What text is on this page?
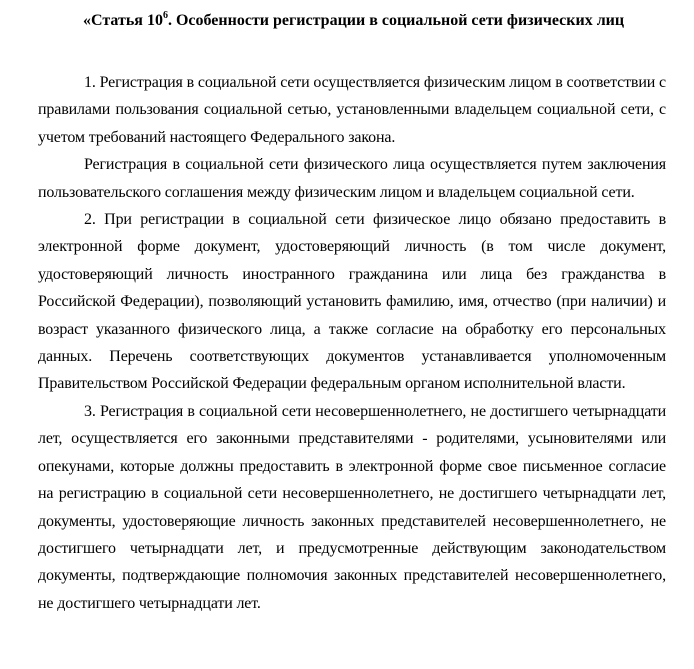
«Статья $10^6$. Особенности регистрации в социальной сети физических лиц

1. Регистрация в социальной сети осуществляется физическим лицом в соответствии с правилами пользования социальной сетью, установленными владельцем социальной сети, с учетом требований настоящего Федерального закона.

Регистрация в социальной сети физического лица осуществляется путем заключения пользовательского соглашения между физическим лицом и владельцем социальной сети.

2. При регистрации в социальной сети физическое лицо обязано предоставить в электронной форме документ, удостоверяющий личность (в том числе документ, удостоверяющий личность иностранного гражданина или лица без гражданства в Российской Федерации), позволяющий установить фамилию, имя, отчество (при наличии) и возраст указанного физического лица, а также согласие на обработку его персональных данных. Перечень соответствующих документов устанавливается уполномоченным Правительством Российской Федерации федеральным органом исполнительной власти.

3. Регистрация в социальной сети несовершеннолетнего, не достигшего четырнадцати лет, осуществляется его законными представителями - родителями, усыновителями или опекунами, которые должны предоставить в электронной форме свое письменное согласие на регистрацию в социальной сети несовершеннолетнего, не достигшего четырнадцати лет, документы, удостоверяющие личность законных представителей несовершеннолетнего, не достигшего четырнадцати лет, и предусмотренные действующим законодательством документы, подтверждающие полномочия законных представителей несовершеннолетнего, не достигшего четырнадцати лет.
